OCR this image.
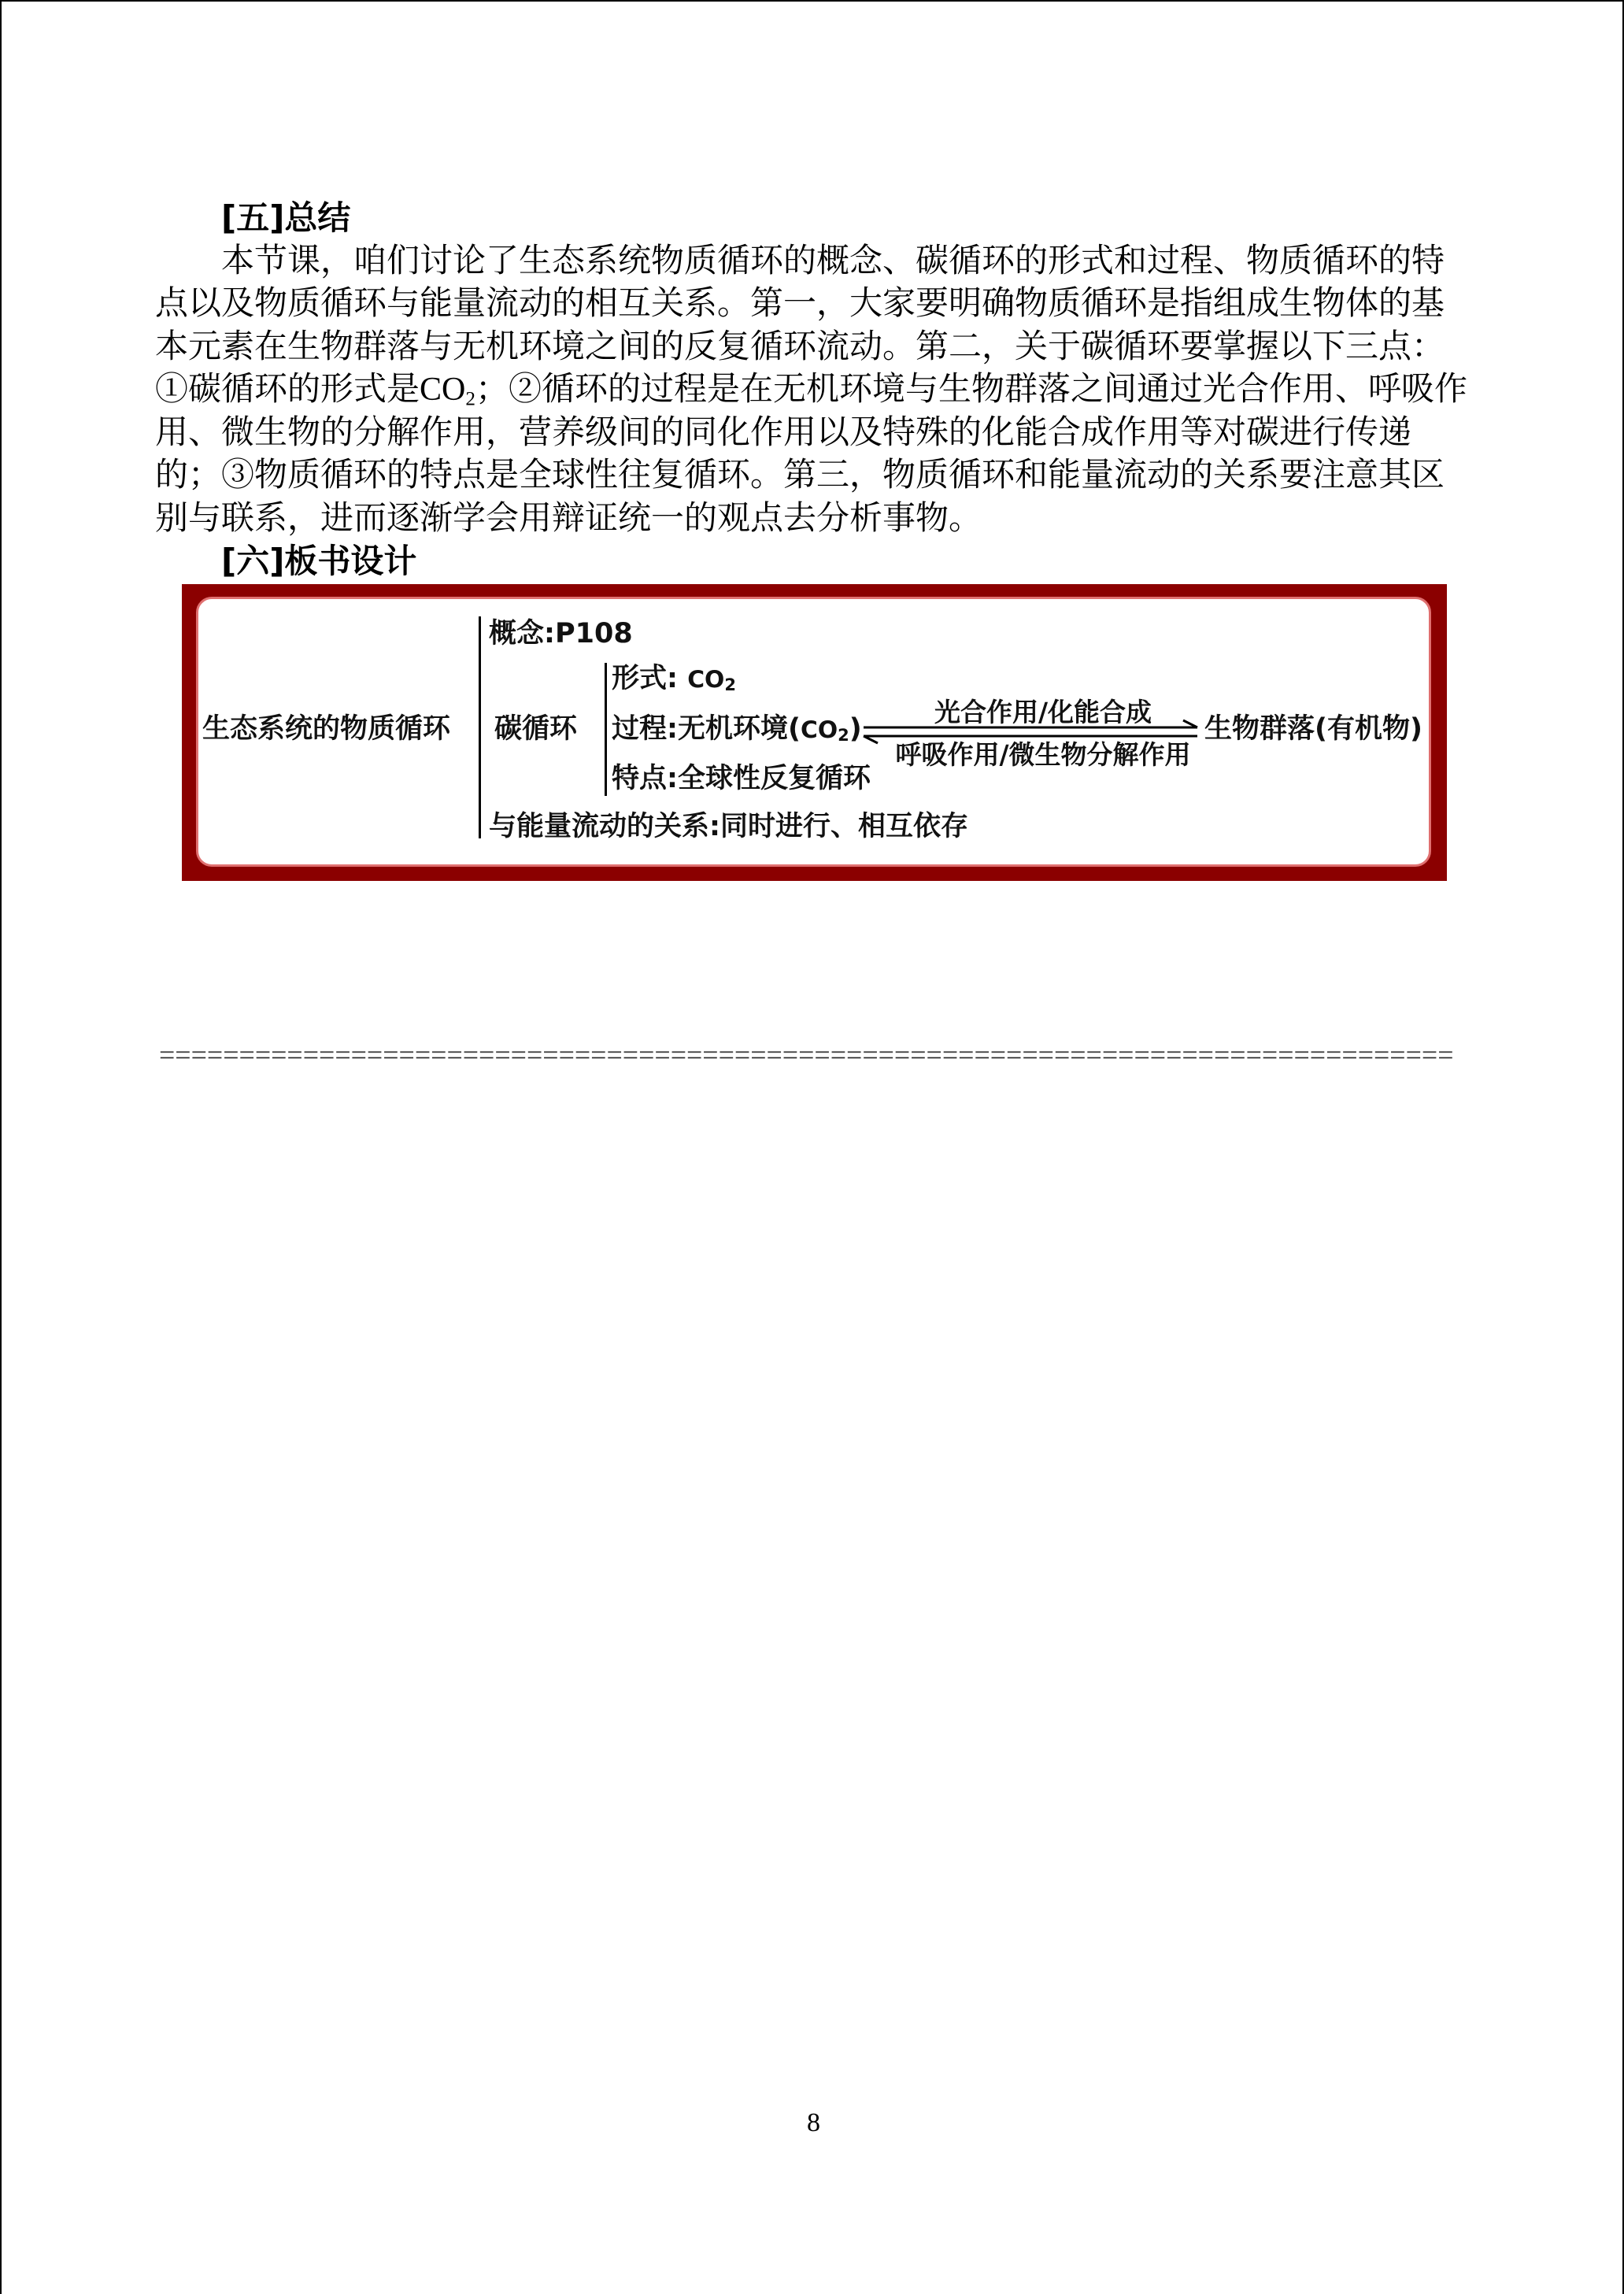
[五]总结
本节课，咱们讨论了生态系统物质循环的概念、碳循环的形式和过程、物质循环的特
点以及物质循环与能量流动的相互关系。第一，大家要明确物质循环是指组成生物体的基
本元素在生物群落与无机环境之间的反复循环流动。第二，关于碳循环要掌握以下三点：
①碳循环的形式是$CO_2$；②循环的过程是在无机环境与生物群落之间通过光合作用、呼吸作
用、微生物的分解作用，营养级间的同化作用以及特殊的化能合成作用等对碳进行传递
的；③物质循环的特点是全球性往复循环。第三，物质循环和能量流动的关系要注意其区
别与联系，进而逐渐学会用辩证统一的观点去分析事物。
[六]板书设计
生态系统的物质循环
概念:P108
碳循环
形式: $CO_2$
过程:无机环境$(CO_2)$
光合作用/化能合成
呼吸作用/微生物分解作用
生物群落(有机物)
特点:全球性反复循环
与能量流动的关系:同时进行、相互依存
=================================================================================
8
